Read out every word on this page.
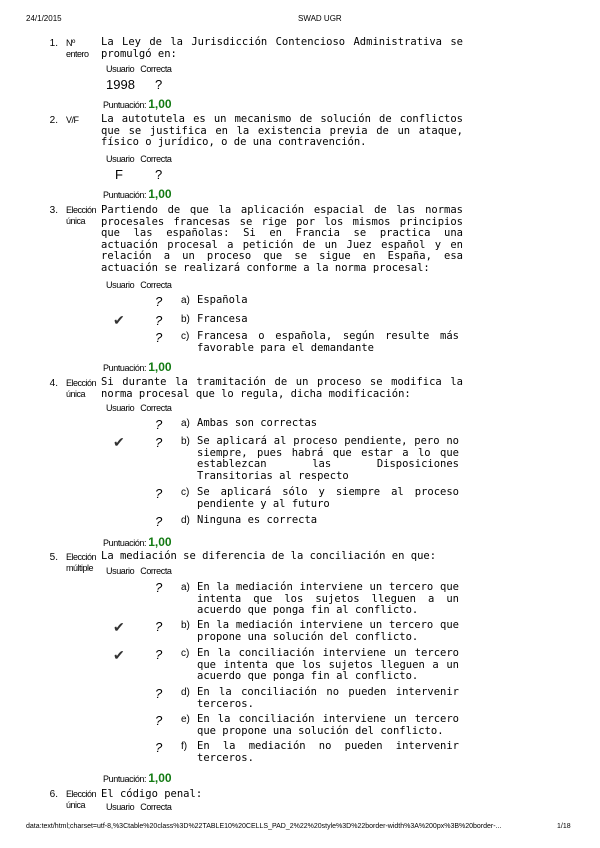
24/1/2015	SWAD UGR
1. Nº entero
La Ley de la Jurisdicción Contencioso Administrativa se promulgó en:
Usuario Correcta
1998 ?
Puntuación: 1,00
2. V/F	La autotutela es un mecanismo de solución de conflictos que se justifica en la existencia previa de un ataque, físico o jurídico, o de una contravención.
Usuario Correcta
F ?
Puntuación: 1,00
3. Elección única
Partiendo de que la aplicación espacial de las normas procesales francesas se rige por los mismos principios que las españolas: Si en Francia se practica una actuación procesal a petición de un Juez español y en relación a un proceso que se sigue en España, esa actuación se realizará conforme a la norma procesal:
Usuario Correcta
? a) Española
✔ ? b) Francesa
? c) Francesa o española, según resulte más favorable para el demandante
Puntuación: 1,00
4. Elección única
Si durante la tramitación de un proceso se modifica la norma procesal que lo regula, dicha modificación:
Usuario Correcta
? a) Ambas son correctas
✔ ? b) Se aplicará al proceso pendiente, pero no siempre, pues habrá que estar a lo que establezcan las Disposiciones Transitorias al respecto
? c) Se aplicará sólo y siempre al proceso pendiente y al futuro
? d) Ninguna es correcta
Puntuación: 1,00
5. Elección múltiple
La mediación se diferencia de la conciliación en que:
Usuario Correcta
? a) En la mediación interviene un tercero que intenta que los sujetos lleguen a un acuerdo que ponga fin al conflicto.
✔ ? b) En la mediación interviene un tercero que propone una solución del conflicto.
✔ ? c) En la conciliación interviene un tercero que intenta que los sujetos lleguen a un acuerdo que ponga fin al conflicto.
? d) En la conciliación no pueden intervenir terceros.
? e) En la conciliación interviene un tercero que propone una solución del conflicto.
? f) En la mediación no pueden intervenir terceros.
Puntuación: 1,00
6. Elección única
El código penal:
Usuario Correcta
data:text/html;charset=utf-8,%3Ctable%20class%3D%22TABLE10%20CELLS_PAD_2%22%20style%3D%22border-width%3A%200px%3B%20border-...	1/18
